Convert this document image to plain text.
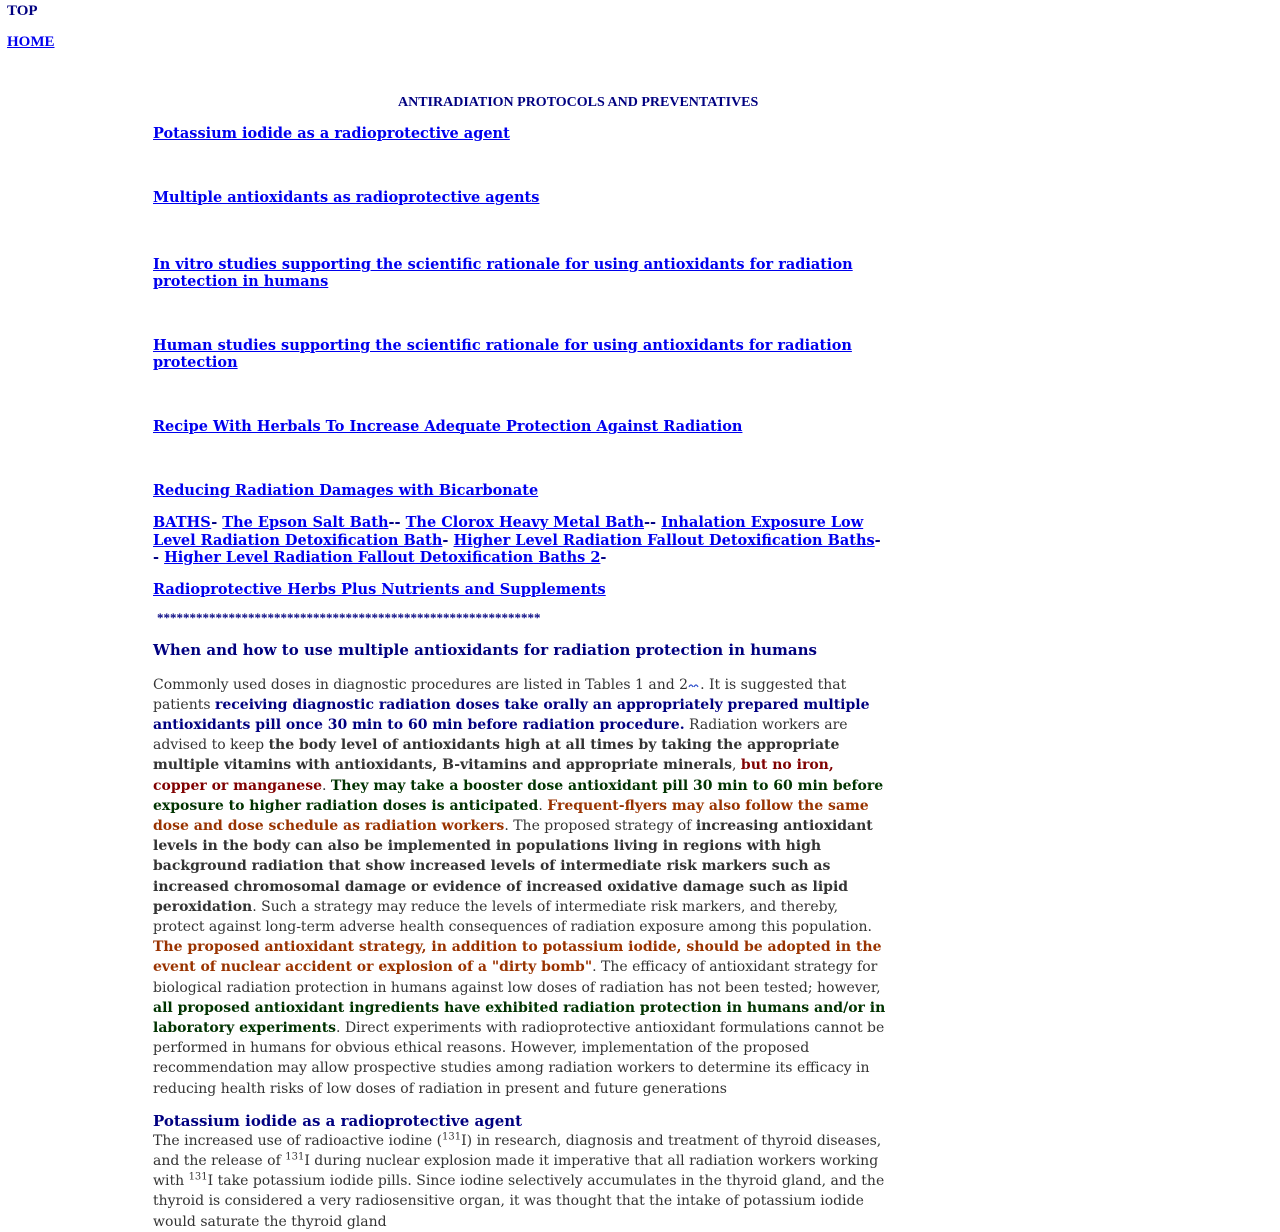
TOP
HOME
ANTIRADIATION PROTOCOLS AND PREVENTATIVES
Potassium iodide as a radioprotective agent
Multiple antioxidants as radioprotective agents
In vitro studies supporting the scientific rationale for using antioxidants for radiation protection in humans
Human studies supporting the scientific rationale for using antioxidants for radiation protection
Recipe With Herbals To Increase Adequate Protection Against Radiation
Reducing Radiation Damages with Bicarbonate
BATHS- The Epson Salt Bath-- The Clorox Heavy Metal Bath-- Inhalation Exposure Low Level Radiation Detoxification Bath- Higher Level Radiation Fallout Detoxification Baths-- Higher Level Radiation Fallout Detoxification Baths 2-
Radioprotective Herbs Plus Nutrients and Supplements
***********************************************************
When and how to use multiple antioxidants for radiation protection in humans

Commonly used doses in diagnostic procedures are listed in Tables 1 and 2 . It is suggested that patients receiving diagnostic radiation doses take orally an appropriately prepared multiple antioxidants pill once 30 min to 60 min before radiation procedure. Radiation workers are advised to keep the body level of antioxidants high at all times by taking the appropriate multiple vitamins with antioxidants, B-vitamins and appropriate minerals, but no iron, copper or manganese. They may take a booster dose antioxidant pill 30 min to 60 min before exposure to higher radiation doses is anticipated. Frequent-flyers may also follow the same dose and dose schedule as radiation workers. The proposed strategy of increasing antioxidant levels in the body can also be implemented in populations living in regions with high background radiation that show increased levels of intermediate risk markers such as increased chromosomal damage or evidence of increased oxidative damage such as lipid peroxidation. Such a strategy may reduce the levels of intermediate risk markers, and thereby, protect against long-term adverse health consequences of radiation exposure among this population. The proposed antioxidant strategy, in addition to potassium iodide, should be adopted in the event of nuclear accident or explosion of a "dirty bomb". The efficacy of antioxidant strategy for biological radiation protection in humans against low doses of radiation has not been tested; however, all proposed antioxidant ingredients have exhibited radiation protection in humans and/or in laboratory experiments. Direct experiments with radioprotective antioxidant formulations cannot be performed in humans for obvious ethical reasons. However, implementation of the proposed recommendation may allow prospective studies among radiation workers to determine its efficacy in reducing health risks of low doses of radiation in present and future generations

Potassium iodide as a radioprotective agent

The increased use of radioactive iodine ($^{131}$I) in research, diagnosis and treatment of thyroid diseases, and the release of $^{131}$I during nuclear explosion made it imperative that all radiation workers working with $^{131}$I take potassium iodide pills. Since iodine selectively accumulates in the thyroid gland, and the thyroid is considered a very radiosensitive organ, it was thought that the intake of potassium iodide would saturate the thyroid gland
